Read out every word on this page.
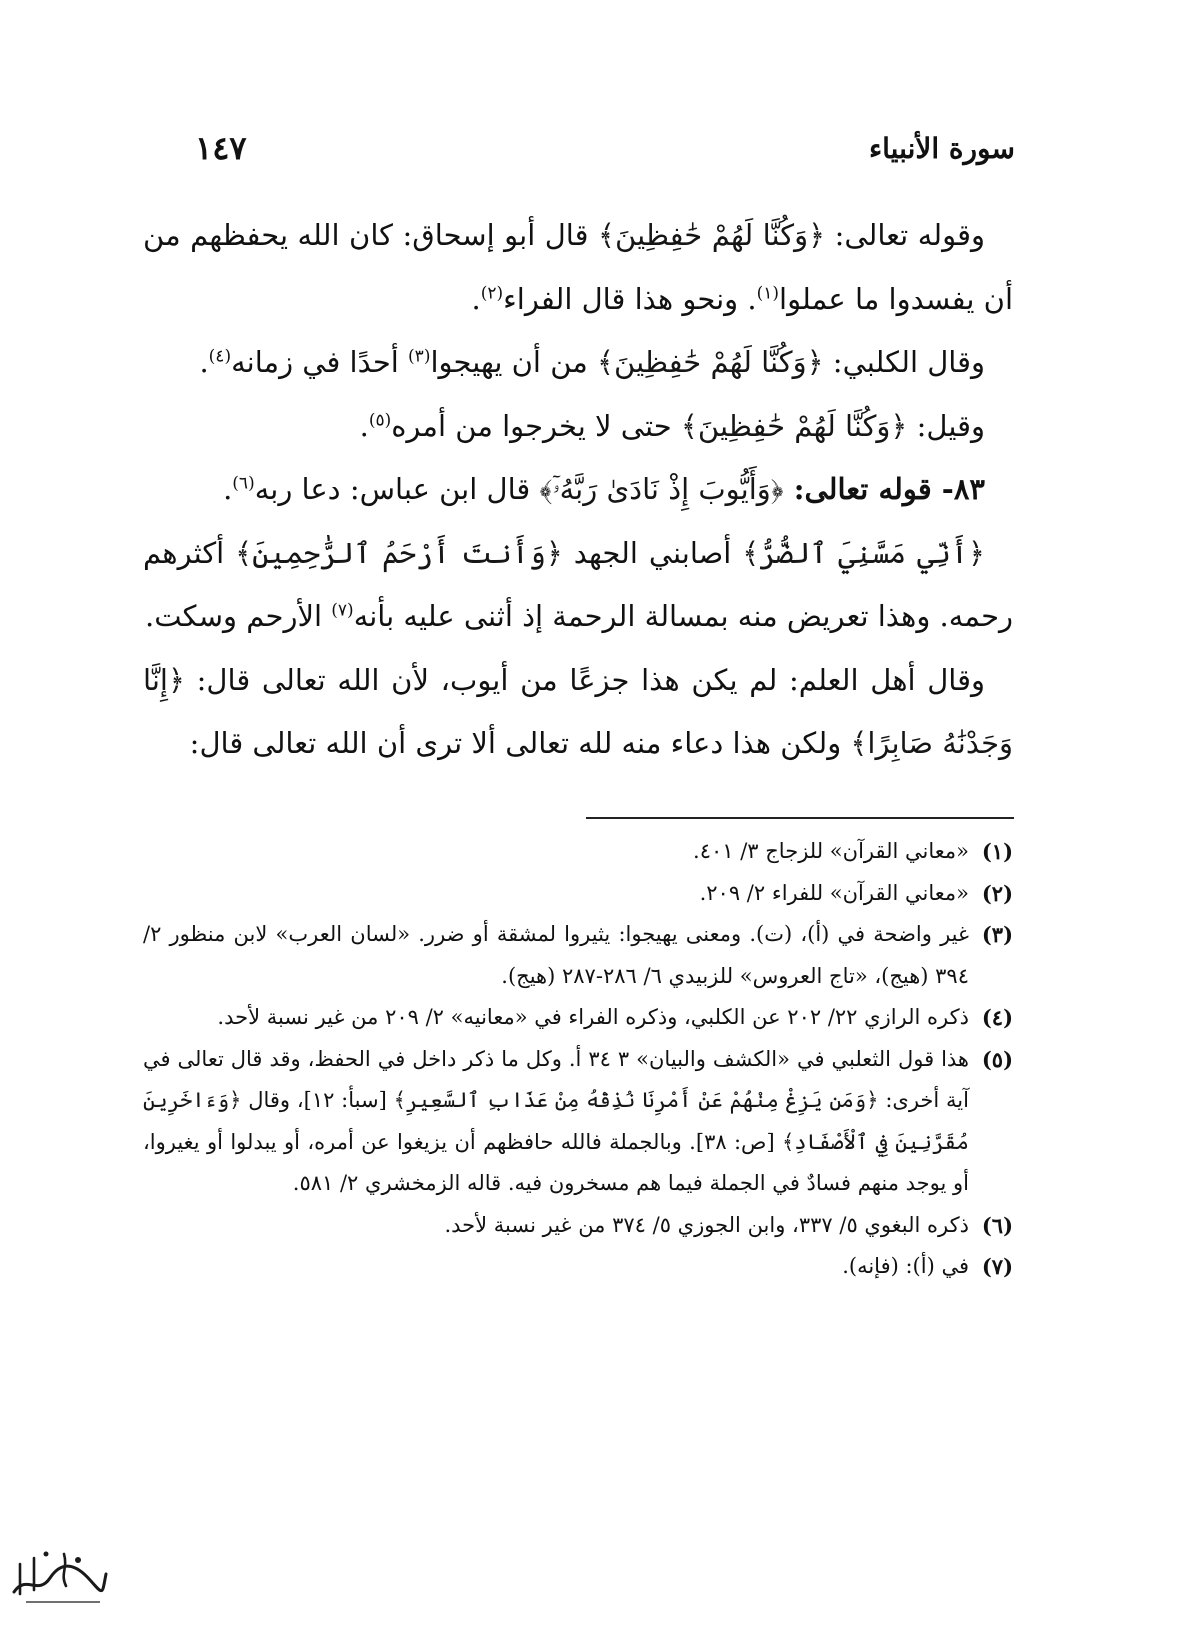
سورة الأنبياء
١٤٧

وقوله تعالى: ﴿وَكُنَّا لَهُمْ حَٰفِظِينَ﴾ قال أبو إسحاق: كان الله يحفظهم من أن يفسدوا ما عملوا$^{(١)}$. ونحو هذا قال الفراء$^{(٢)}$.

وقال الكلبي: ﴿وَكُنَّا لَهُمْ حَٰفِظِينَ﴾ من أن يهيجوا$^{(٣)}$ أحدًا في زمانه$^{(٤)}$.

وقيل: ﴿وَكُنَّا لَهُمْ حَٰفِظِينَ﴾ حتى لا يخرجوا من أمره$^{(٥)}$.

٨٣- قوله تعالى: ﴿وَأَيُّوبَ إِذْ نَادَىٰ رَبَّهُۥٓ﴾ قال ابن عباس: دعا ربه$^{(٦)}$.

﴿أَنِّي مَسَّنِيَ ٱلضُّرُّ﴾ أصابني الجهد ﴿وَأَنتَ أَرْحَمُ ٱلرَّٰحِمِينَ﴾ أكثرهم رحمه. وهذا تعريض منه بمسالة الرحمة إذ أثنى عليه بأنه$^{(٧)}$ الأرحم وسكت.

وقال أهل العلم: لم يكن هذا جزعًا من أيوب، لأن الله تعالى قال: ﴿إِنَّا وَجَدْنَٰهُ صَابِرًا﴾ ولكن هذا دعاء منه لله تعالى ألا ترى أن الله تعالى قال:

(١)
«معاني القرآن» للزجاج ٣/ ٤٠١.
(٢)
«معاني القرآن» للفراء ٢/ ٢٠٩.
(٣)
غير واضحة في (أ)، (ت). ومعنى يهيجوا: يثيروا لمشقة أو ضرر. «لسان العرب» لابن منظور ٢/ ٣٩٤ (هيج)، «تاج العروس» للزبيدي ٦/ ٢٨٦-٢٨٧ (هيج).
(٤)
ذكره الرازي ٢٢/ ٢٠٢ عن الكلبي، وذكره الفراء في «معانيه» ٢/ ٢٠٩ من غير نسبة لأحد.
(٥)
هذا قول الثعلبي في «الكشف والبيان» ٣ ٣٤ أ. وكل ما ذكر داخل في الحفظ، وقد قال تعالى في آية أخرى: ﴿وَمَن يَزِغْ مِنْهُمْ عَنْ أَمْرِنَا نُذِقْهُ مِنْ عَذَابِ ٱلسَّعِيرِ﴾ [سبأ: ١٢]، وقال ﴿وَءَاخَرِينَ مُقَرَّنِينَ فِي ٱلْأَصْفَادِ﴾ [ص: ٣٨]. وبالجملة فالله حافظهم أن يزيغوا عن أمره، أو يبدلوا أو يغيروا، أو يوجد منهم فسادٌ في الجملة فيما هم مسخرون فيه. قاله الزمخشري ٢/ ٥٨١.
(٦)
ذكره البغوي ٥/ ٣٣٧، وابن الجوزي ٥/ ٣٧٤ من غير نسبة لأحد.
(٧)
في (أ): (فإنه).
